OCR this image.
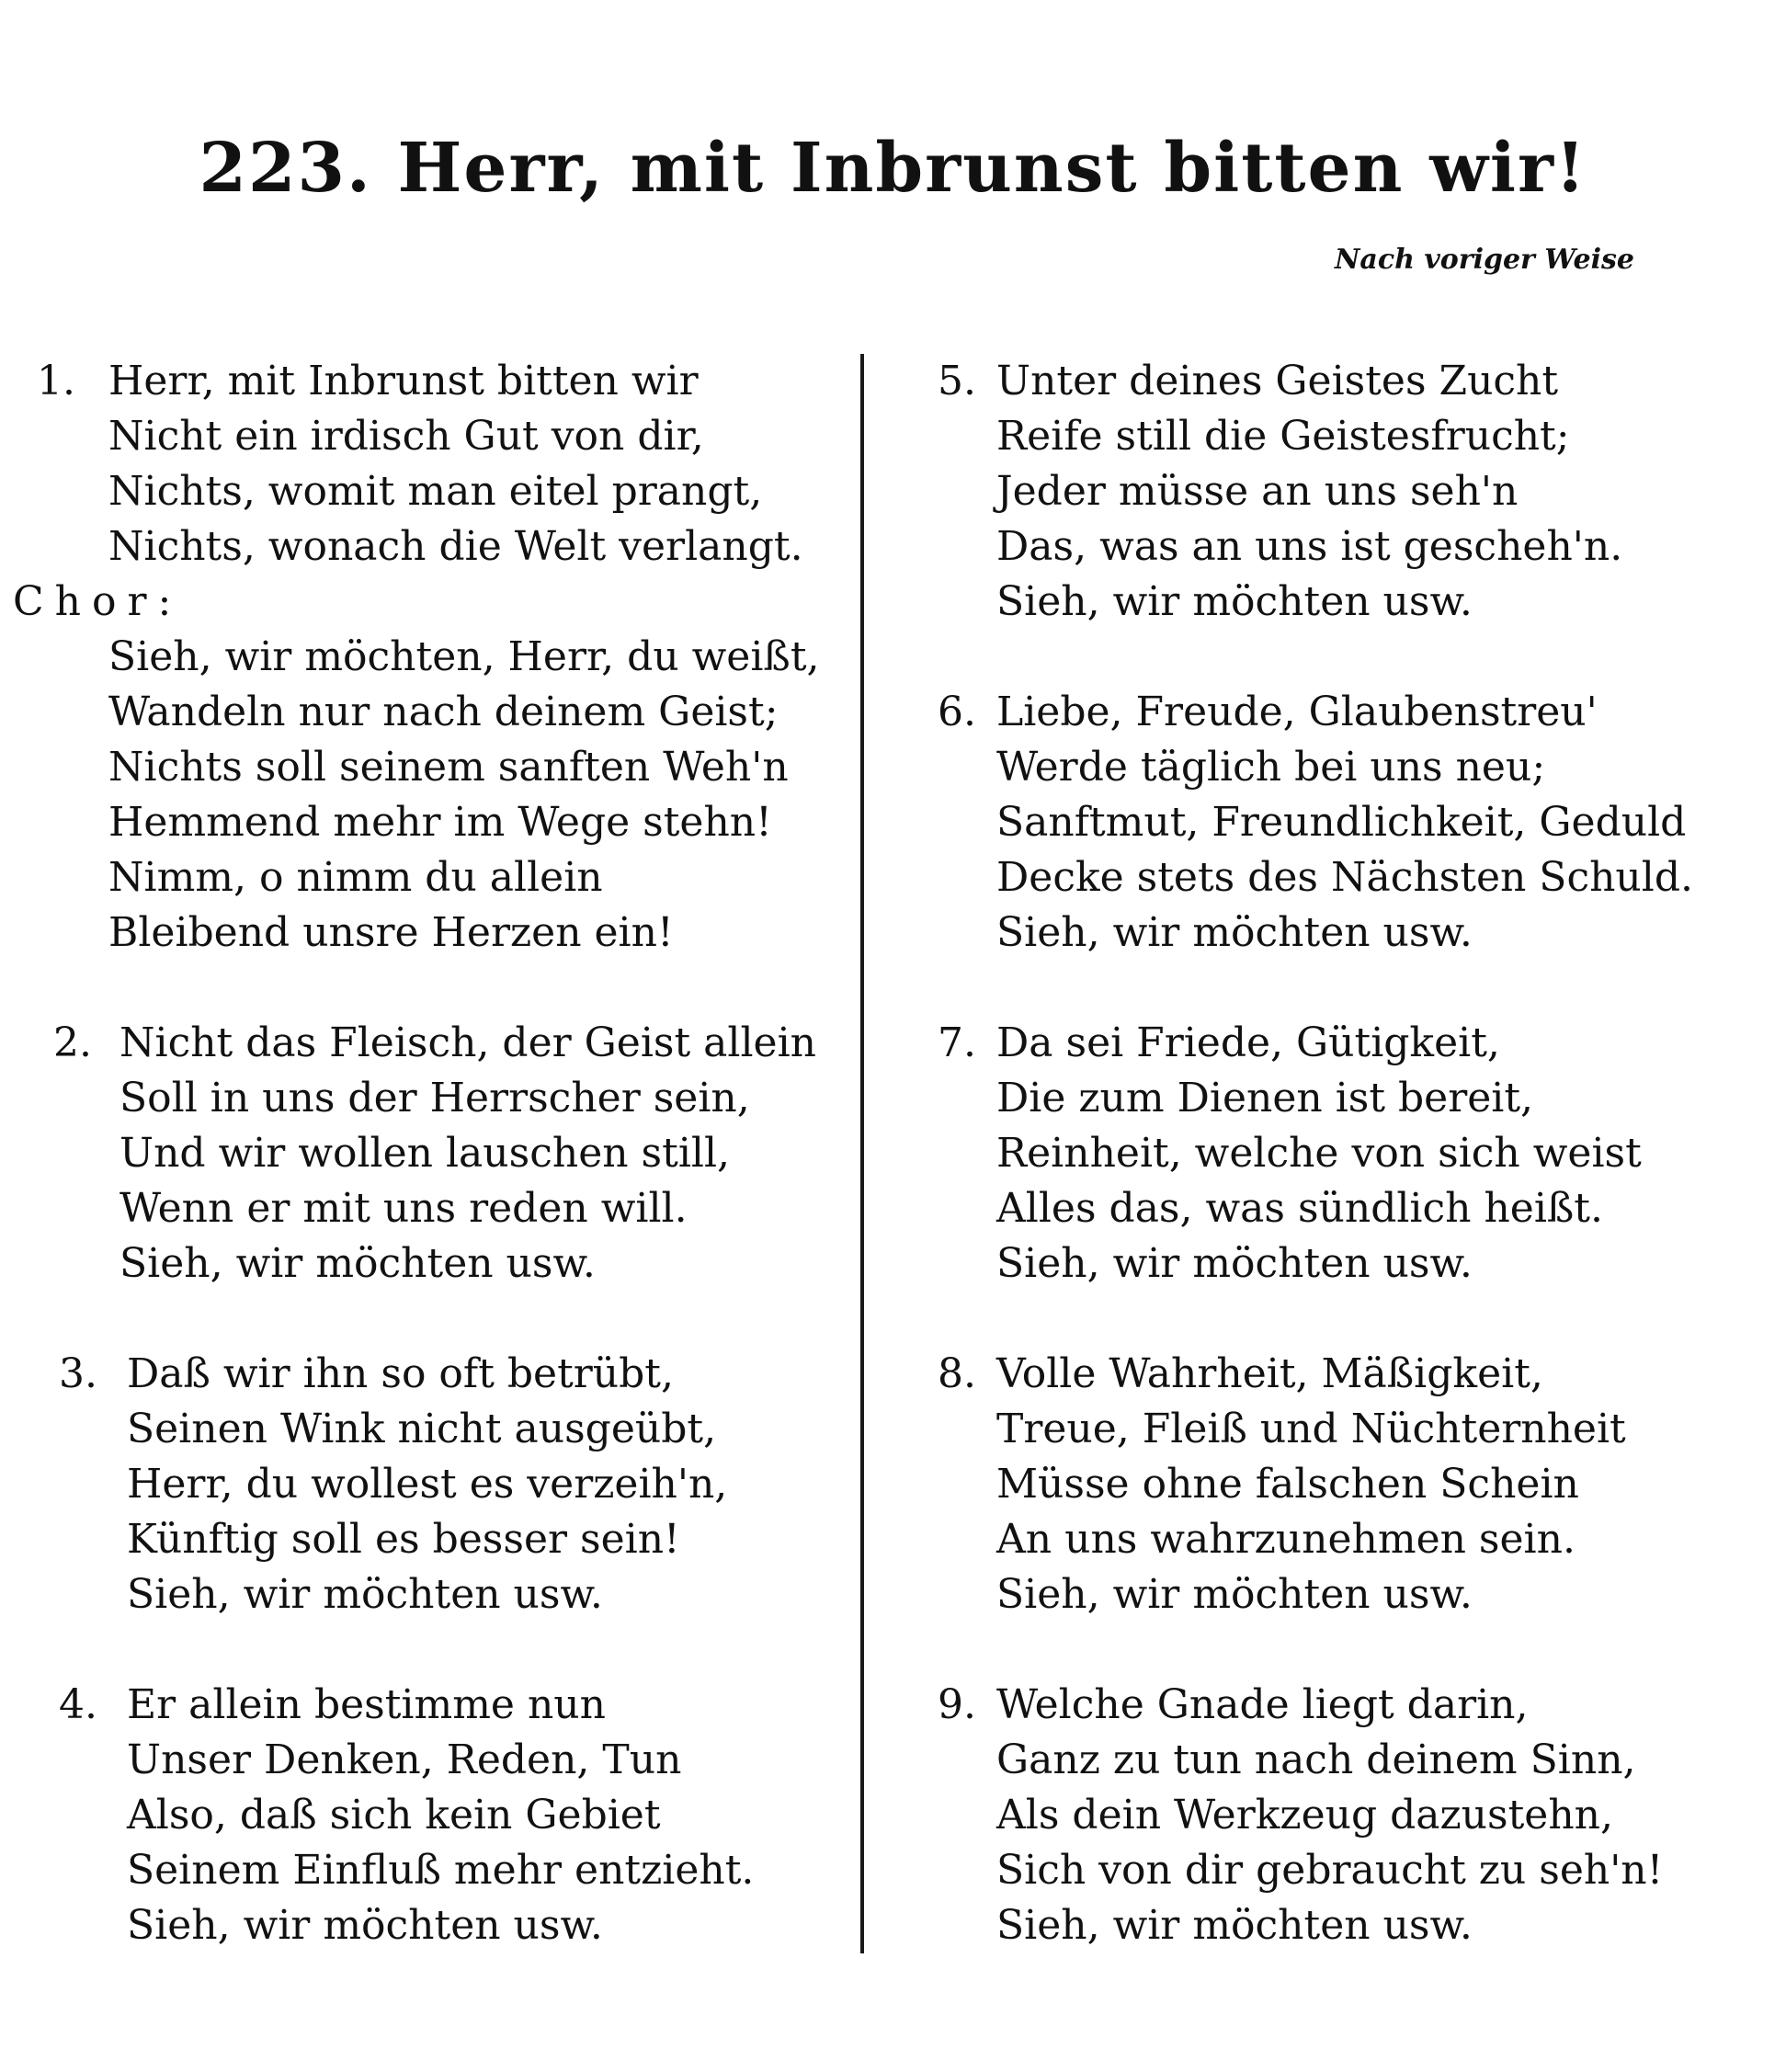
223. Herr, mit Inbrunst bitten wir!
Nach voriger Weise
1. Herr, mit Inbrunst bitten wir
Nicht ein irdisch Gut von dir,
Nichts, womit man eitel prangt,
Nichts, wonach die Welt verlangt.
Chor:
Sieh, wir möchten, Herr, du weißt,
Wandeln nur nach deinem Geist;
Nichts soll seinem sanften Weh'n
Hemmend mehr im Wege stehn!
Nimm, o nimm du allein
Bleibend unsre Herzen ein!
2. Nicht das Fleisch, der Geist allein
Soll in uns der Herrscher sein,
Und wir wollen lauschen still,
Wenn er mit uns reden will.
Sieh, wir möchten usw.
3. Daß wir ihn so oft betrübt,
Seinen Wink nicht ausgeübt,
Herr, du wollest es verzeih'n,
Künftig soll es besser sein!
Sieh, wir möchten usw.
4. Er allein bestimme nun
Unser Denken, Reden, Tun
Also, daß sich kein Gebiet
Seinem Einfluß mehr entzieht.
Sieh, wir möchten usw.
5. Unter deines Geistes Zucht
Reife still die Geistesfrucht;
Jeder müsse an uns seh'n
Das, was an uns ist gescheh'n.
Sieh, wir möchten usw.
6. Liebe, Freude, Glaubenstreu'
Werde täglich bei uns neu;
Sanftmut, Freundlichkeit, Geduld
Decke stets des Nächsten Schuld.
Sieh, wir möchten usw.
7. Da sei Friede, Gütigkeit,
Die zum Dienen ist bereit,
Reinheit, welche von sich weist
Alles das, was sündlich heißt.
Sieh, wir möchten usw.
8. Volle Wahrheit, Mäßigkeit,
Treue, Fleiß und Nüchternheit
Müsse ohne falschen Schein
An uns wahrzunehmen sein.
Sieh, wir möchten usw.
9. Welche Gnade liegt darin,
Ganz zu tun nach deinem Sinn,
Als dein Werkzeug dazustehn,
Sich von dir gebraucht zu seh'n!
Sieh, wir möchten usw.
